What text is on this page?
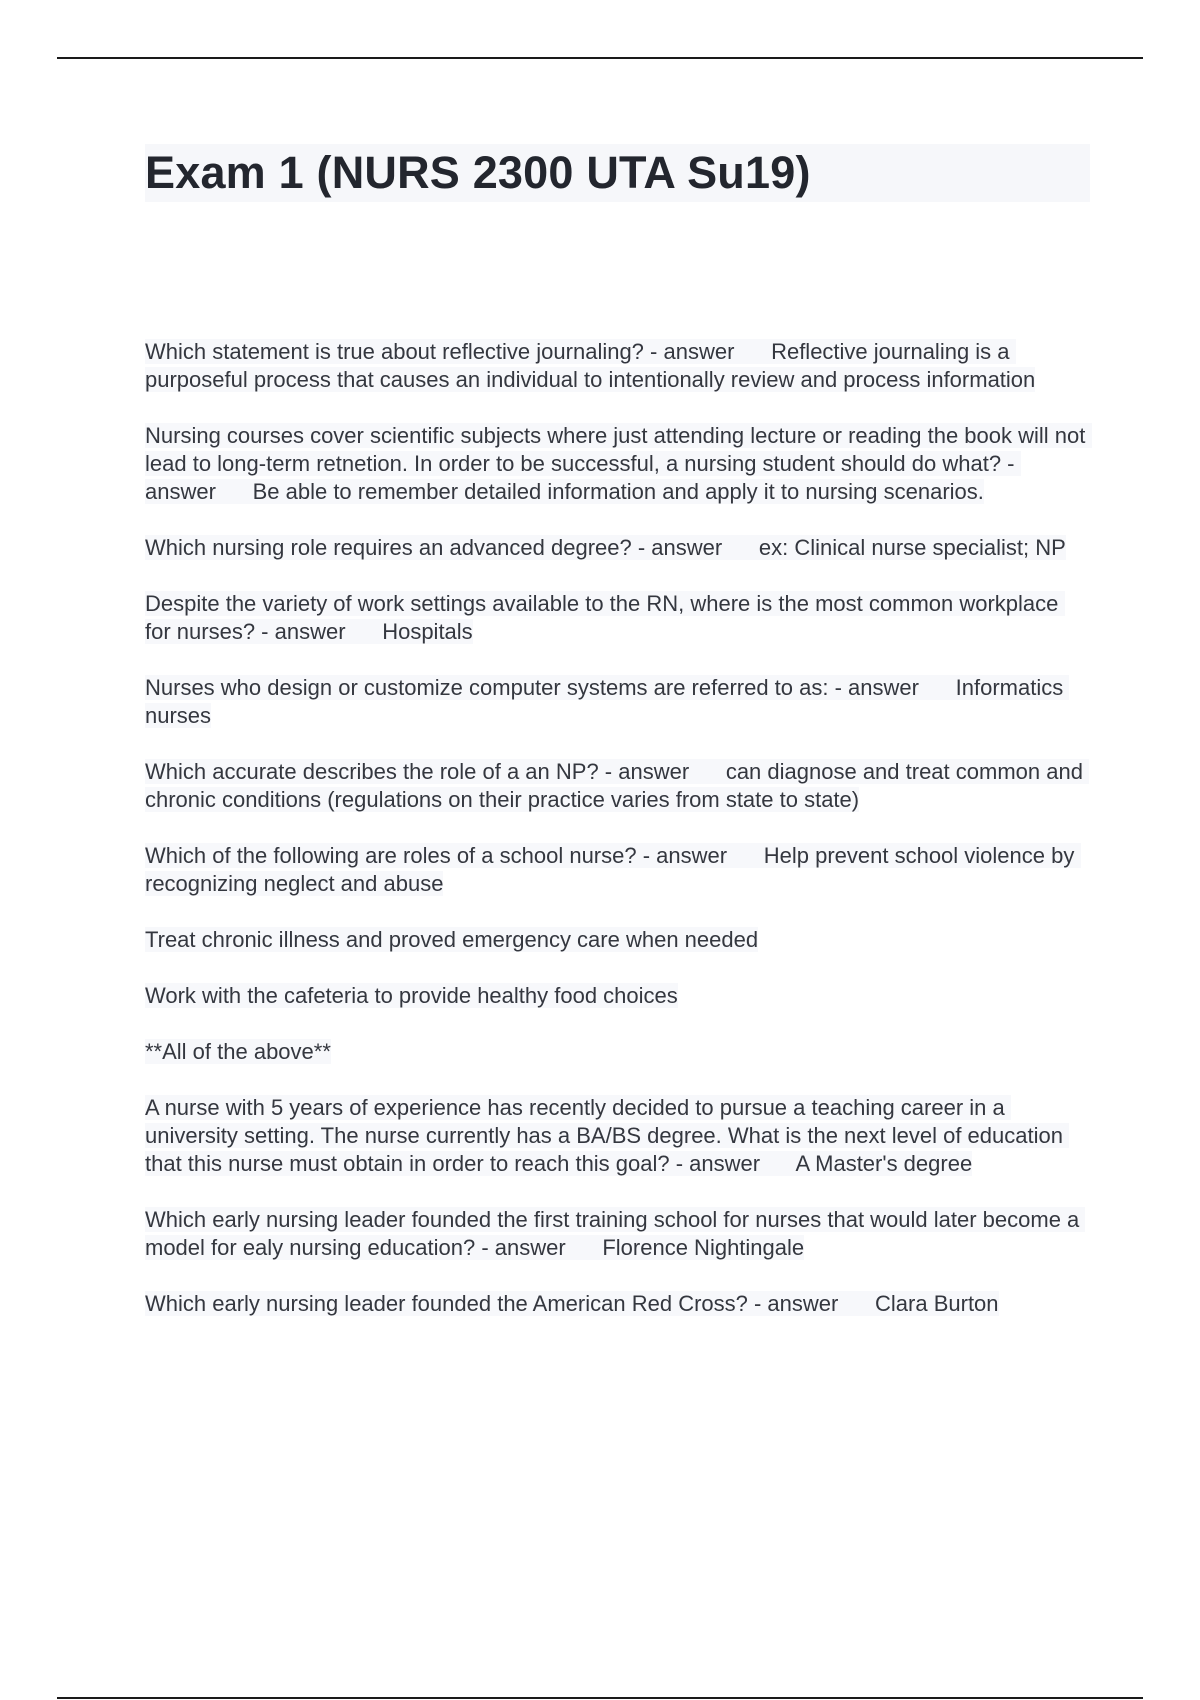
Exam 1 (NURS 2300 UTA Su19)

Which statement is true about reflective journaling? - answer      Reflective journaling is a purposeful process that causes an individual to intentionally review and process information

Nursing courses cover scientific subjects where just attending lecture or reading the book will not lead to long-term retnetion. In order to be successful, a nursing student should do what? - answer      Be able to remember detailed information and apply it to nursing scenarios.

Which nursing role requires an advanced degree? - answer      ex: Clinical nurse specialist; NP

Despite the variety of work settings available to the RN, where is the most common workplace for nurses? - answer      Hospitals

Nurses who design or customize computer systems are referred to as: - answer      Informatics nurses

Which accurate describes the role of a an NP? - answer      can diagnose and treat common and chronic conditions (regulations on their practice varies from state to state)

Which of the following are roles of a school nurse? - answer      Help prevent school violence by recognizing neglect and abuse

Treat chronic illness and proved emergency care when needed

Work with the cafeteria to provide healthy food choices

**All of the above**

A nurse with 5 years of experience has recently decided to pursue a teaching career in a university setting. The nurse currently has a BA/BS degree. What is the next level of education that this nurse must obtain in order to reach this goal? - answer      A Master's degree

Which early nursing leader founded the first training school for nurses that would later become a model for ealy nursing education? - answer      Florence Nightingale

Which early nursing leader founded the American Red Cross? - answer      Clara Burton
